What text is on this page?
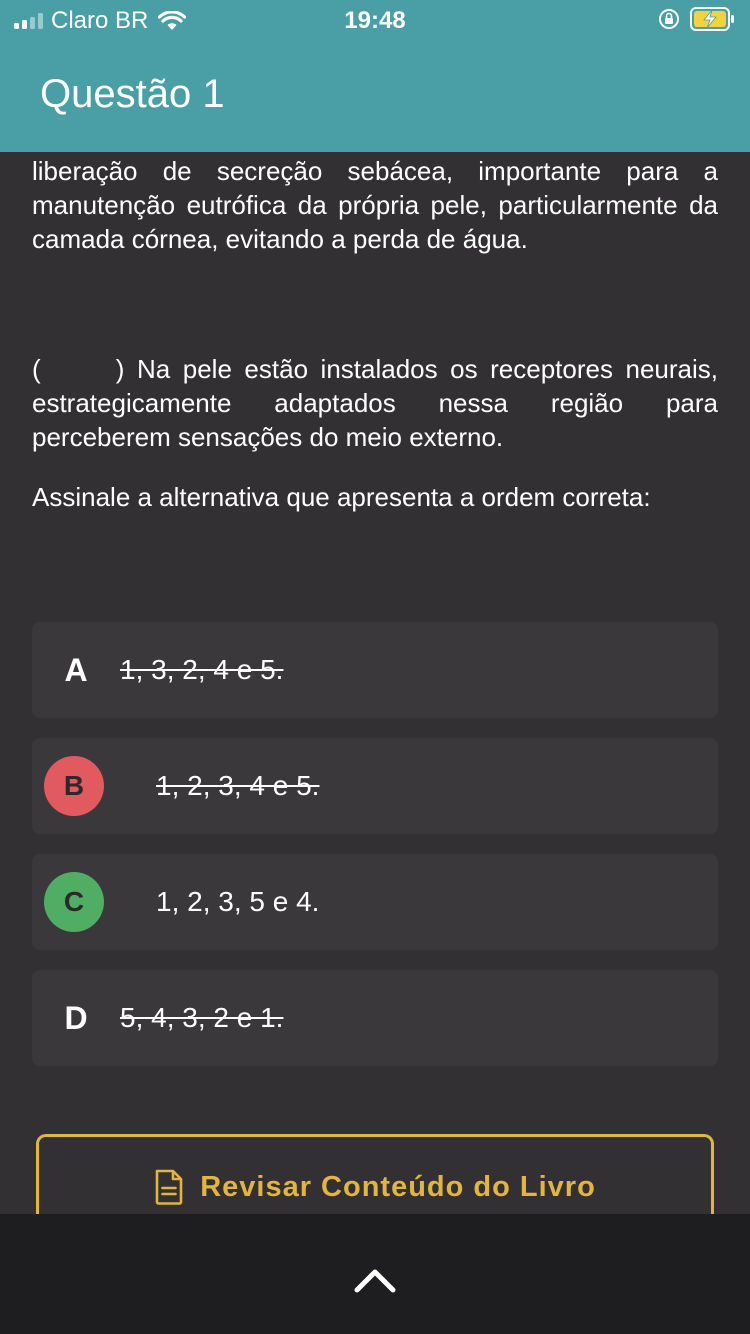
Claro BR	19:48
Questão 1

liberação de secreção sebácea, importante para a manutenção eutrófica da própria pele, particularmente da camada córnea, evitando a perda de água.

(      ) Na pele estão instalados os receptores neurais, estrategicamente adaptados nessa região para perceberem sensações do meio externo.

Assinale a alternativa que apresenta a ordem correta:

A	1, 3, 2, 4 e 5.
B	1, 2, 3, 4 e 5.
C	1, 2, 3, 5 e 4.
D	5, 4, 3, 2 e 1.
Revisar Conteúdo do Livro
